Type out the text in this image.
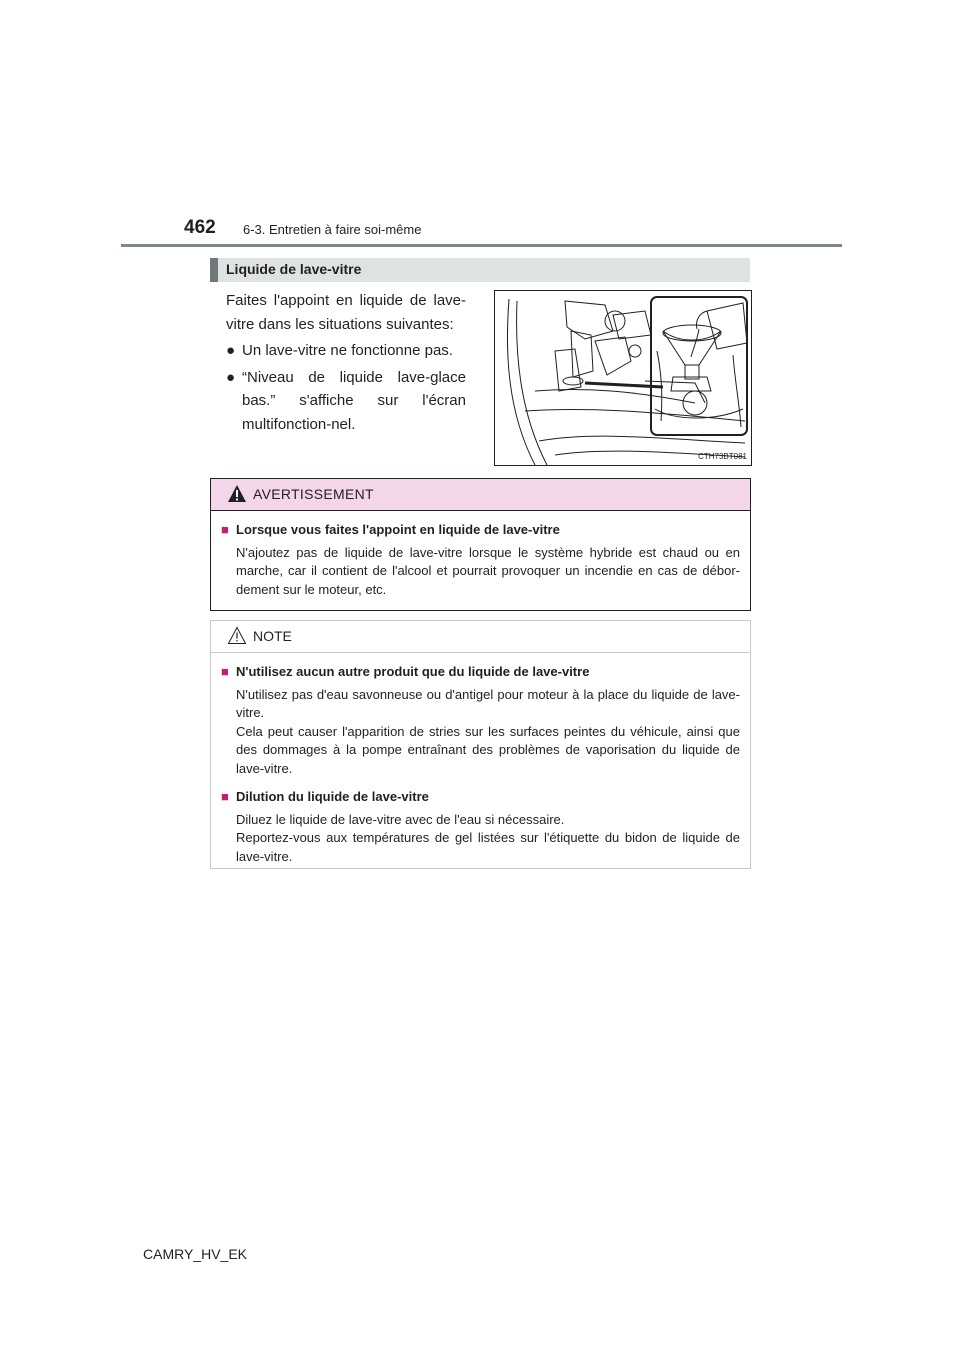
462 6-3. Entretien à faire soi-même
Liquide de lave-vitre

Faites l'appoint en liquide de lave-vitre dans les situations suivantes:

● Un lave-vitre ne fonctionne pas.
● “Niveau de liquide lave-glace bas.” s'affiche sur l'écran multifonction-nel.
CTH73BT081
AVERTISSEMENT
■ Lorsque vous faites l'appoint en liquide de lave-vitre

N'ajoutez pas de liquide de lave-vitre lorsque le système hybride est chaud ou en marche, car il contient de l'alcool et pourrait provoquer un incendie en cas de débor-dement sur le moteur, etc.

NOTE
■ N'utilisez aucun autre produit que du liquide de lave-vitre

N'utilisez pas d'eau savonneuse ou d'antigel pour moteur à la place du liquide de lave-vitre.

Cela peut causer l'apparition de stries sur les surfaces peintes du véhicule, ainsi que des dommages à la pompe entraînant des problèmes de vaporisation du liquide de lave-vitre.

■ Dilution du liquide de lave-vitre

Diluez le liquide de lave-vitre avec de l'eau si nécessaire.

Reportez-vous aux températures de gel listées sur l'étiquette du bidon de liquide de lave-vitre.

CAMRY_HV_EK
